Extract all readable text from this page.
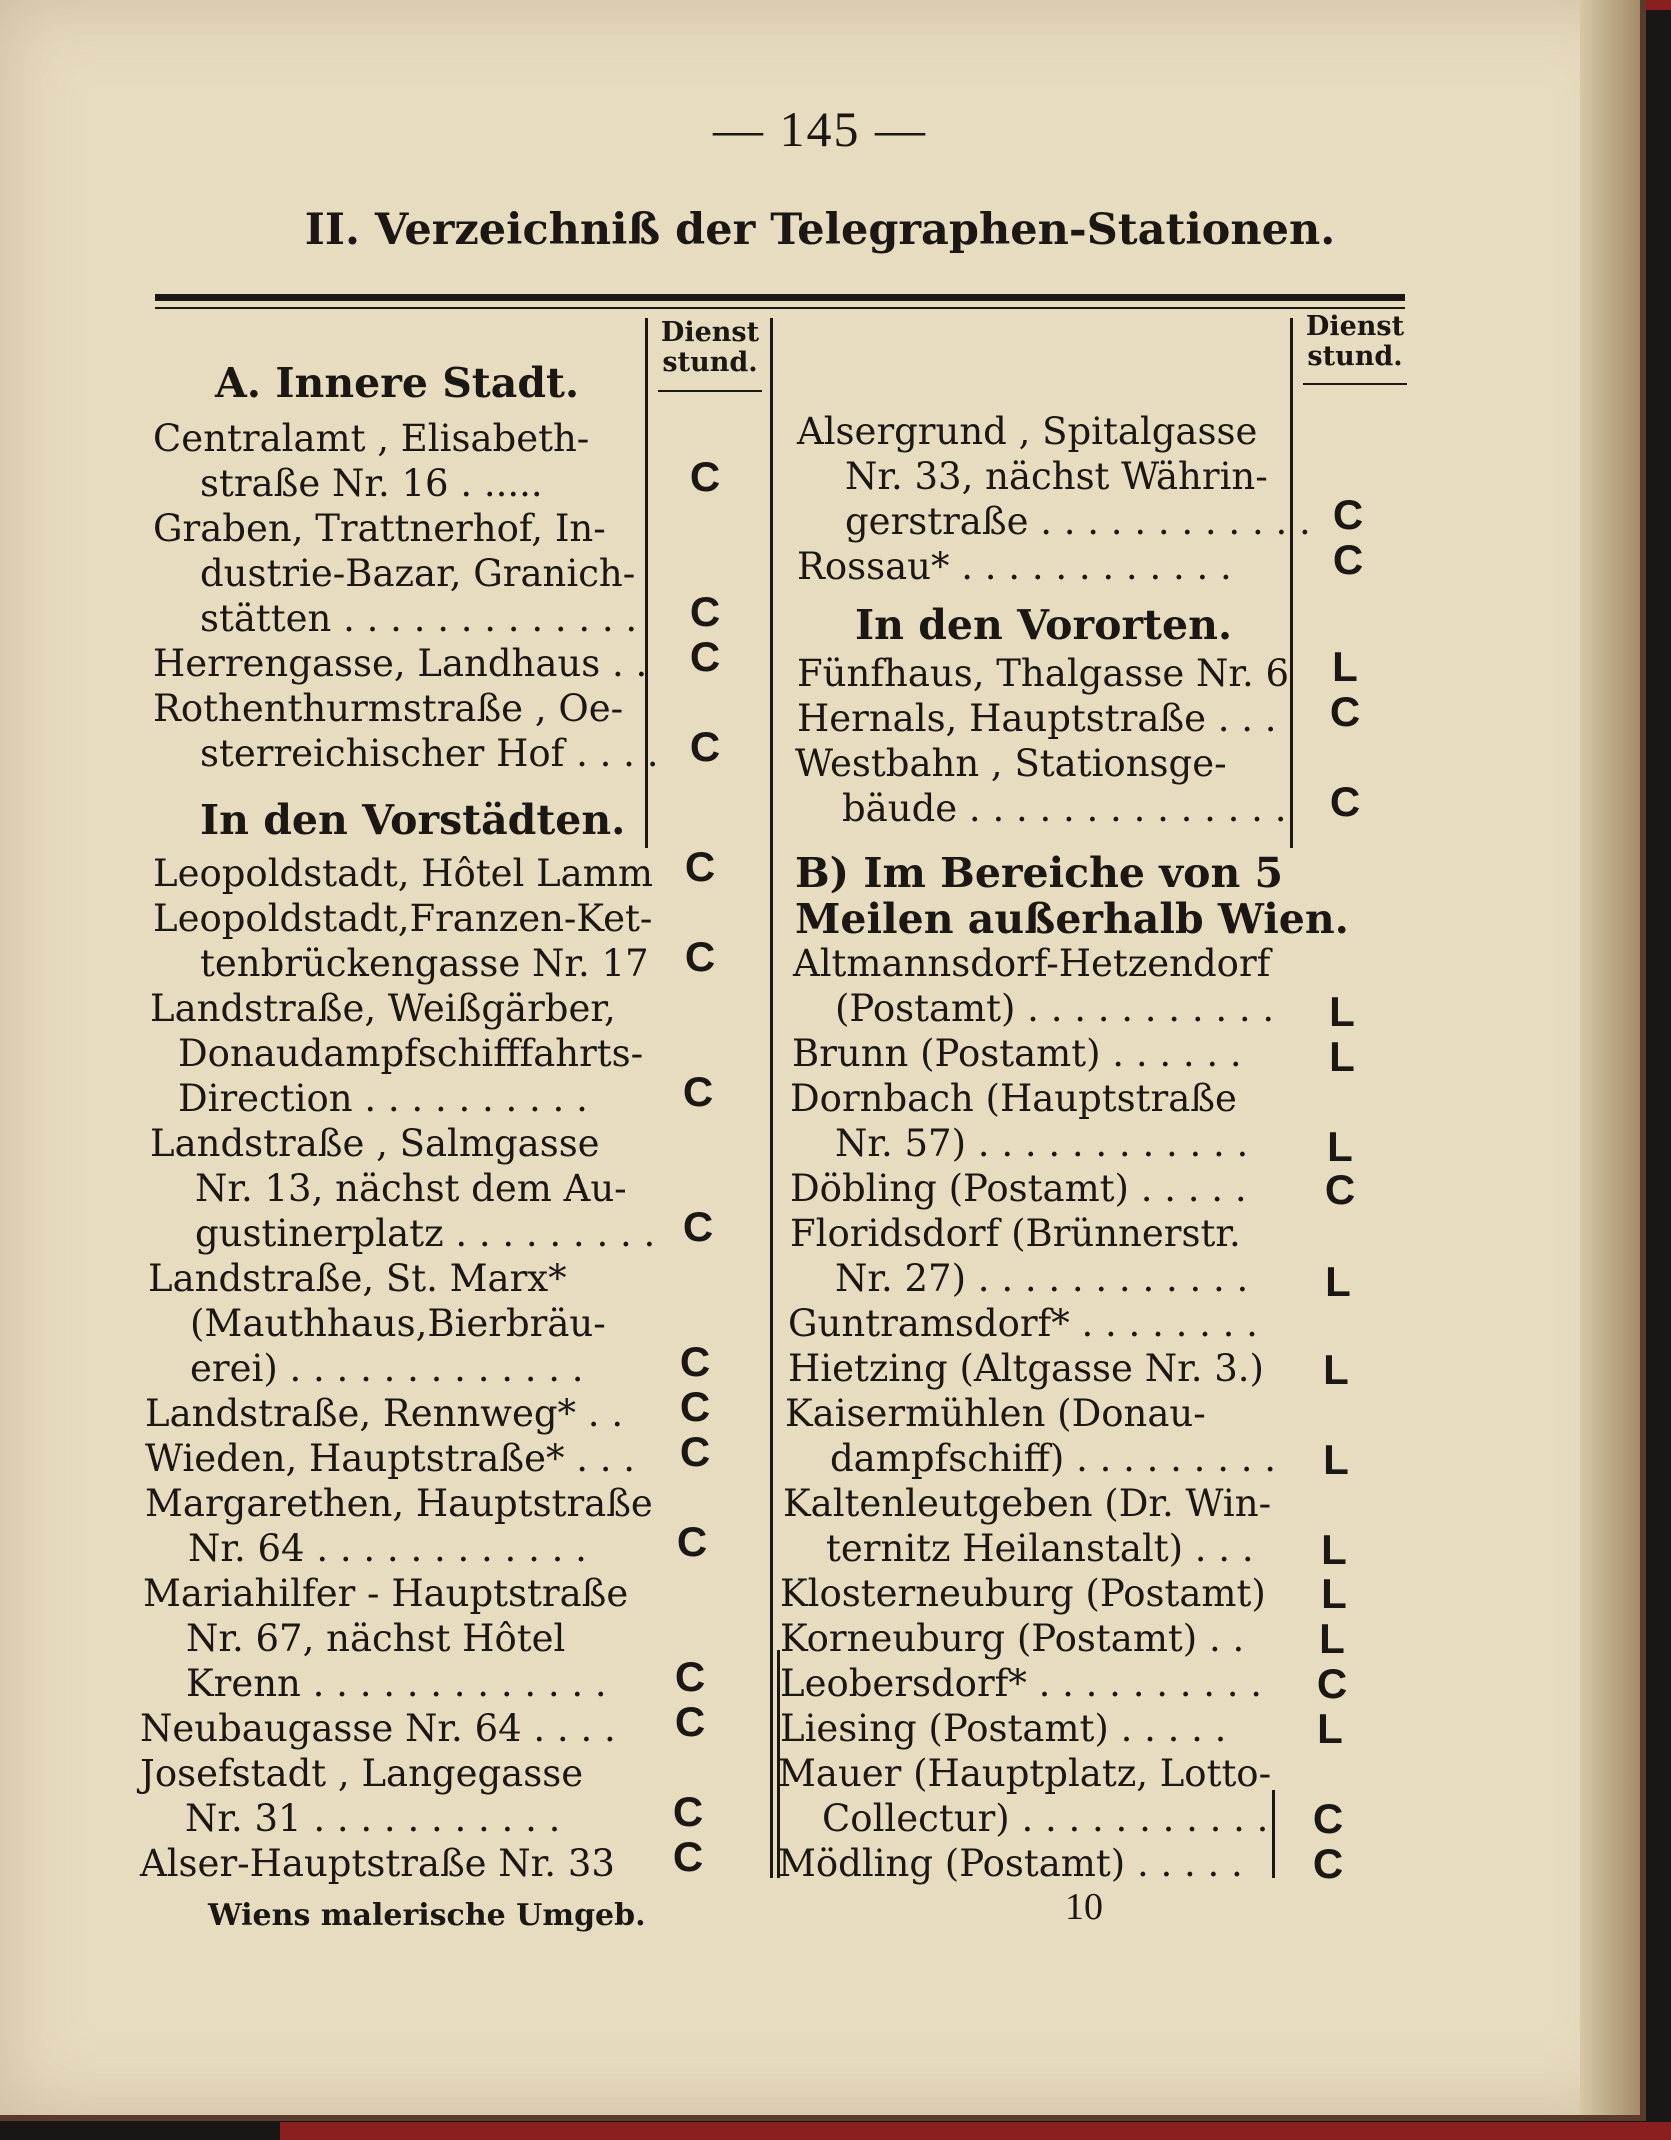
— 145 —
II. Verzeichniß der Telegraphen-Stationen.
Dienst
stund.
Dienst
stund.
A. Innere Stadt.
Centralamt , Elisabeth-
straße Nr. 16 . .....	C
Graben, Trattnerhof, In-
dustrie-Bazar, Granich-
stätten . . . . . . . . . . . . . C
Herrengasse, Landhaus . . C
Rothenthurmstraße , Oe-
sterreichischer Hof . . . . C
In den Vorstädten.
Leopoldstadt, Hôtel Lamm C
Leopoldstadt,Franzen-Ket-
tenbrückengasse Nr. 17 C
Landstraße, Weißgärber,
Donaudampfschifffahrts-
Direction . . . . . . . . . . C
Landstraße , Salmgasse
Nr. 13, nächst dem Au-
gustinerplatz . . . . . . . . . C
Landstraße, St. Marx*
(Mauthhaus,Bierbräu-
erei) . . . . . . . . . . . . . C
Landstraße, Rennweg* . . C
Wieden, Hauptstraße* . . . C
Margarethen, Hauptstraße
Nr. 64 . . . . . . . . . . . . C
Mariahilfer - Hauptstraße
Nr. 67, nächst Hôtel
Krenn . . . . . . . . . . . . . C
Neubaugasse Nr. 64 . . . . C
Josefstadt , Langegasse
Nr. 31 . . . . . . . . . . .	C
Alser-Hauptstraße Nr. 33 C
Alsergrund , Spitalgasse
Nr. 33, nächst Währin-
gerstraße . . . . . . . . . . . . C
Rossau* . . . . . . . . . . . . C
In den Vororten.
Fünfhaus, Thalgasse Nr. 6 L
Hernals, Hauptstraße . . . C
Westbahn , Stationsge-
bäude . . . . . . . . . . . . . . C
B) Im Bereiche von 5
Meilen außerhalb Wien.
Altmannsdorf-Hetzendorf
(Postamt) . . . . . . . . . . . L
Brunn (Postamt) . . . . . . L
Dornbach (Hauptstraße
Nr. 57) . . . . . . . . . . . . L
Döbling (Postamt) . . . . . C
Floridsdorf (Brünnerstr.
Nr. 27) . . . . . . . . . . . . L
Guntramsdorf* . . . . . . . .
Hietzing (Altgasse Nr. 3.) L
Kaisermühlen (Donau-
dampfschiff) . . . . . . . . . L
Kaltenleutgeben (Dr. Win-
ternitz Heilanstalt) . . . L
Klosterneuburg (Postamt) L
Korneuburg (Postamt) . . L
Leobersdorf* . . . . . . . . . . C
Liesing (Postamt) . . . . . L
Mauer (Hauptplatz, Lotto-
Collectur) . . . . . . . . . . . C
Mödling (Postamt) . . . . . C
Wiens malerische Umgeb.	10
